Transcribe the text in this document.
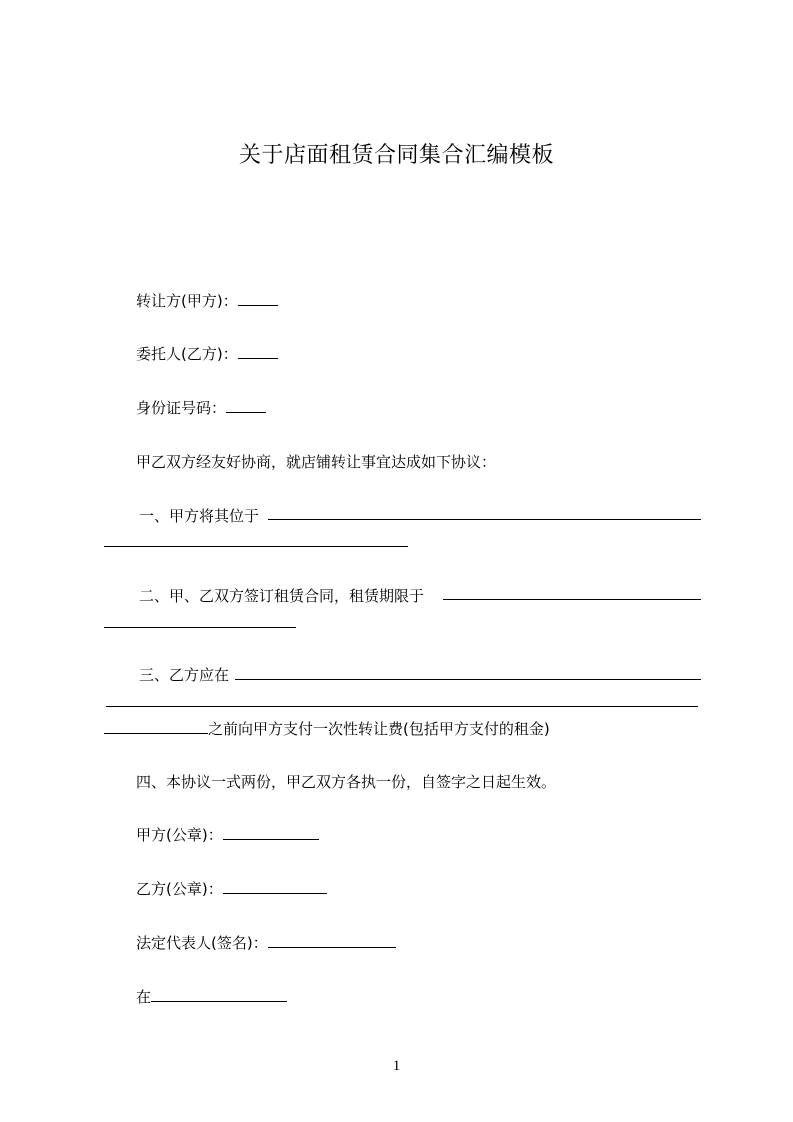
关于店面租赁合同集合汇编模板
转让方(甲方)：
委托人(乙方)：
身份证号码：
甲乙双方经友好协商，就店铺转让事宜达成如下协议：
一、甲方将其位于
二、甲、乙双方签订租赁合同，租赁期限于
三、乙方应在
之前向甲方支付一次性转让费(包括甲方支付的租金)
四、本协议一式两份，甲乙双方各执一份，自签字之日起生效。
甲方(公章)：
乙方(公章)：
法定代表人(签名)：
在
1
